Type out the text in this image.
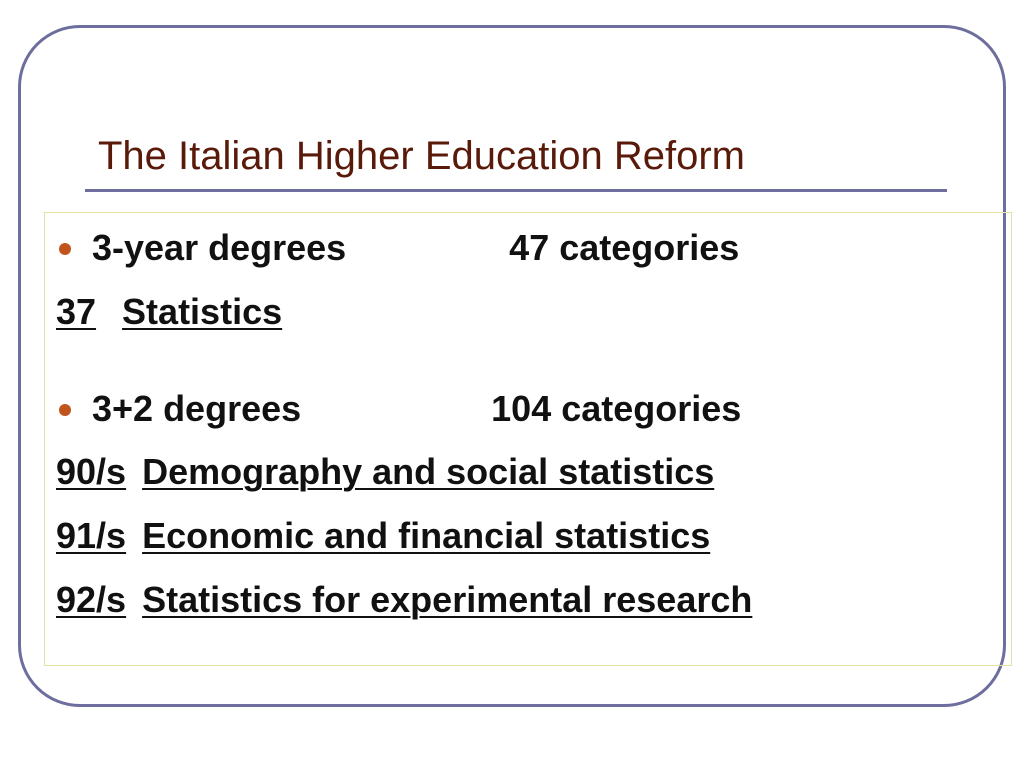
The Italian Higher Education Reform
3-year degrees	47 categories
37 Statistics
3+2 degrees	104 categories
90/s Demography and social statistics
91/s Economic and financial statistics
92/s Statistics for experimental research
